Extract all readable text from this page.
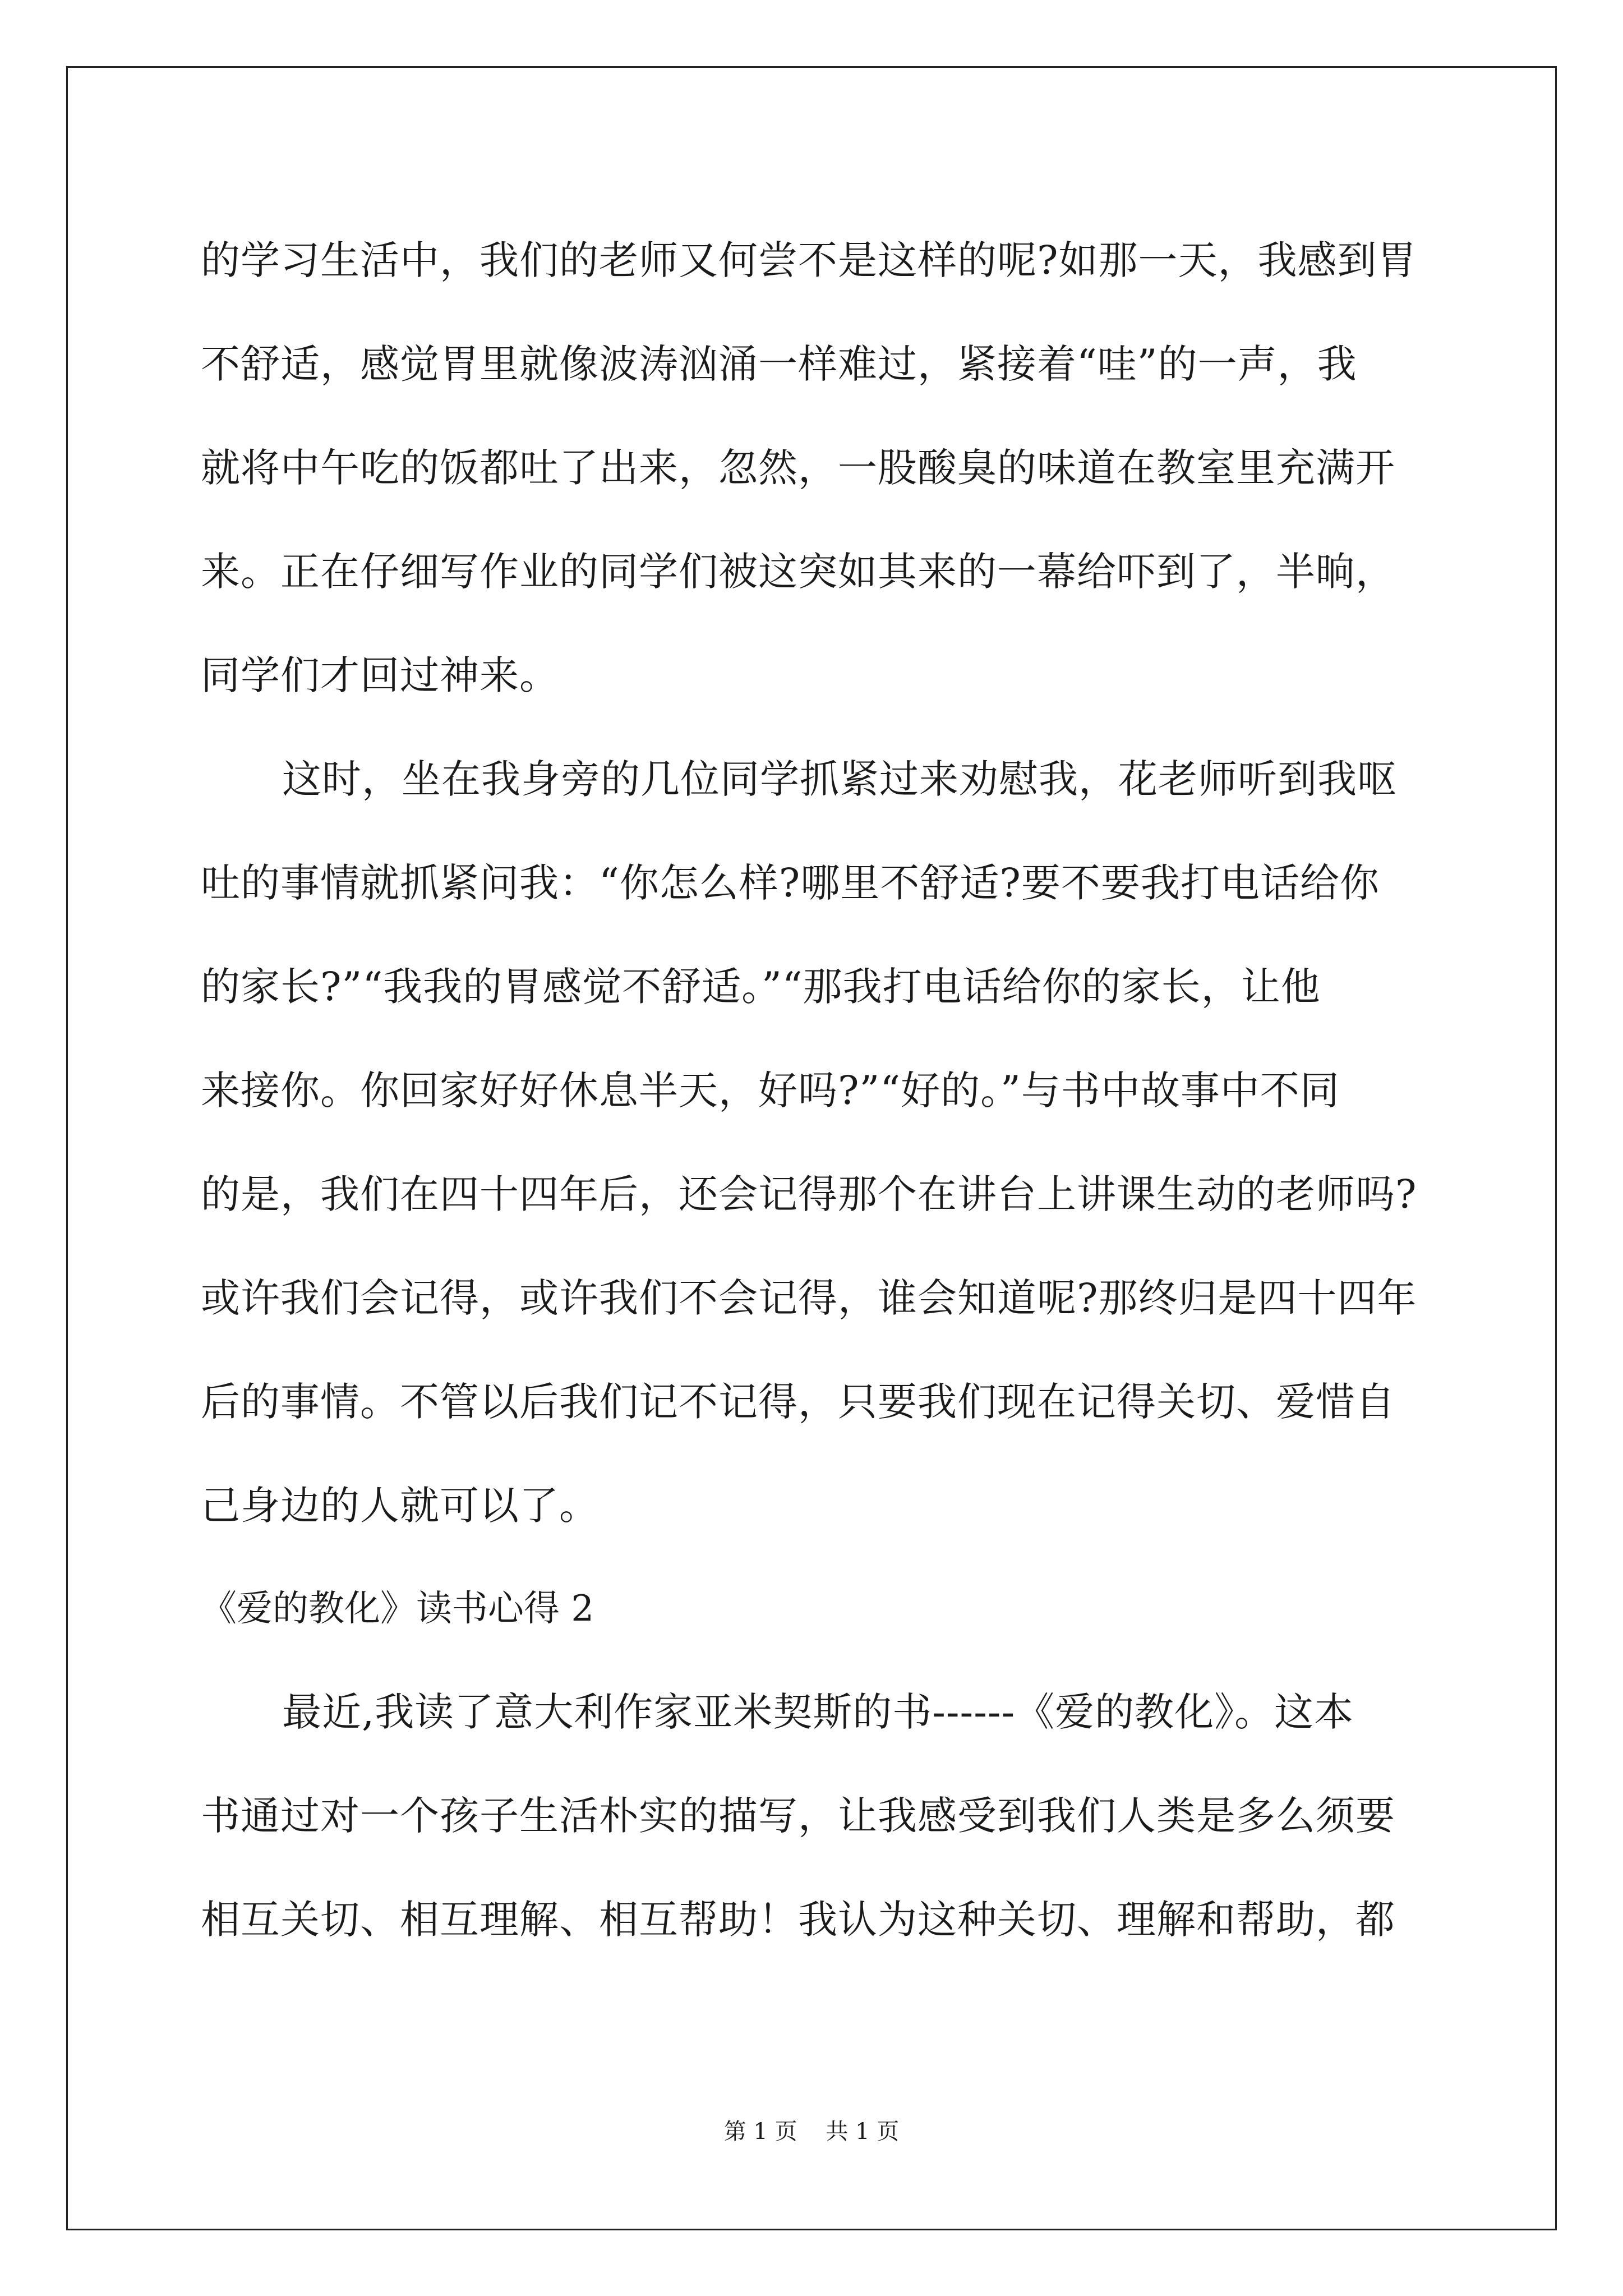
的学习生活中，我们的老师又何尝不是这样的呢?如那一天，我感到胃
不舒适，感觉胃里就像波涛汹涌一样难过，紧接着“哇”的一声，我
就将中午吃的饭都吐了出来，忽然，一股酸臭的味道在教室里充满开
来。正在仔细写作业的同学们被这突如其来的一幕给吓到了，半晌，
同学们才回过神来。
这时，坐在我身旁的几位同学抓紧过来劝慰我，花老师听到我呕
吐的事情就抓紧问我：“你怎么样?哪里不舒适?要不要我打电话给你
的家长?”“我我的胃感觉不舒适。”“那我打电话给你的家长，让他
来接你。你回家好好休息半天，好吗?”“好的。”与书中故事中不同
的是，我们在四十四年后，还会记得那个在讲台上讲课生动的老师吗?
或许我们会记得，或许我们不会记得，谁会知道呢?那终归是四十四年
后的事情。不管以后我们记不记得，只要我们现在记得关切、爱惜自
己身边的人就可以了。
《爱的教化》读书心得 2
最近,我读了意大利作家亚米契斯的书------《爱的教化》。这本
书通过对一个孩子生活朴实的描写，让我感受到我们人类是多么须要
相互关切、相互理解、相互帮助！我认为这种关切、理解和帮助，都
第 1 页    共 1 页
